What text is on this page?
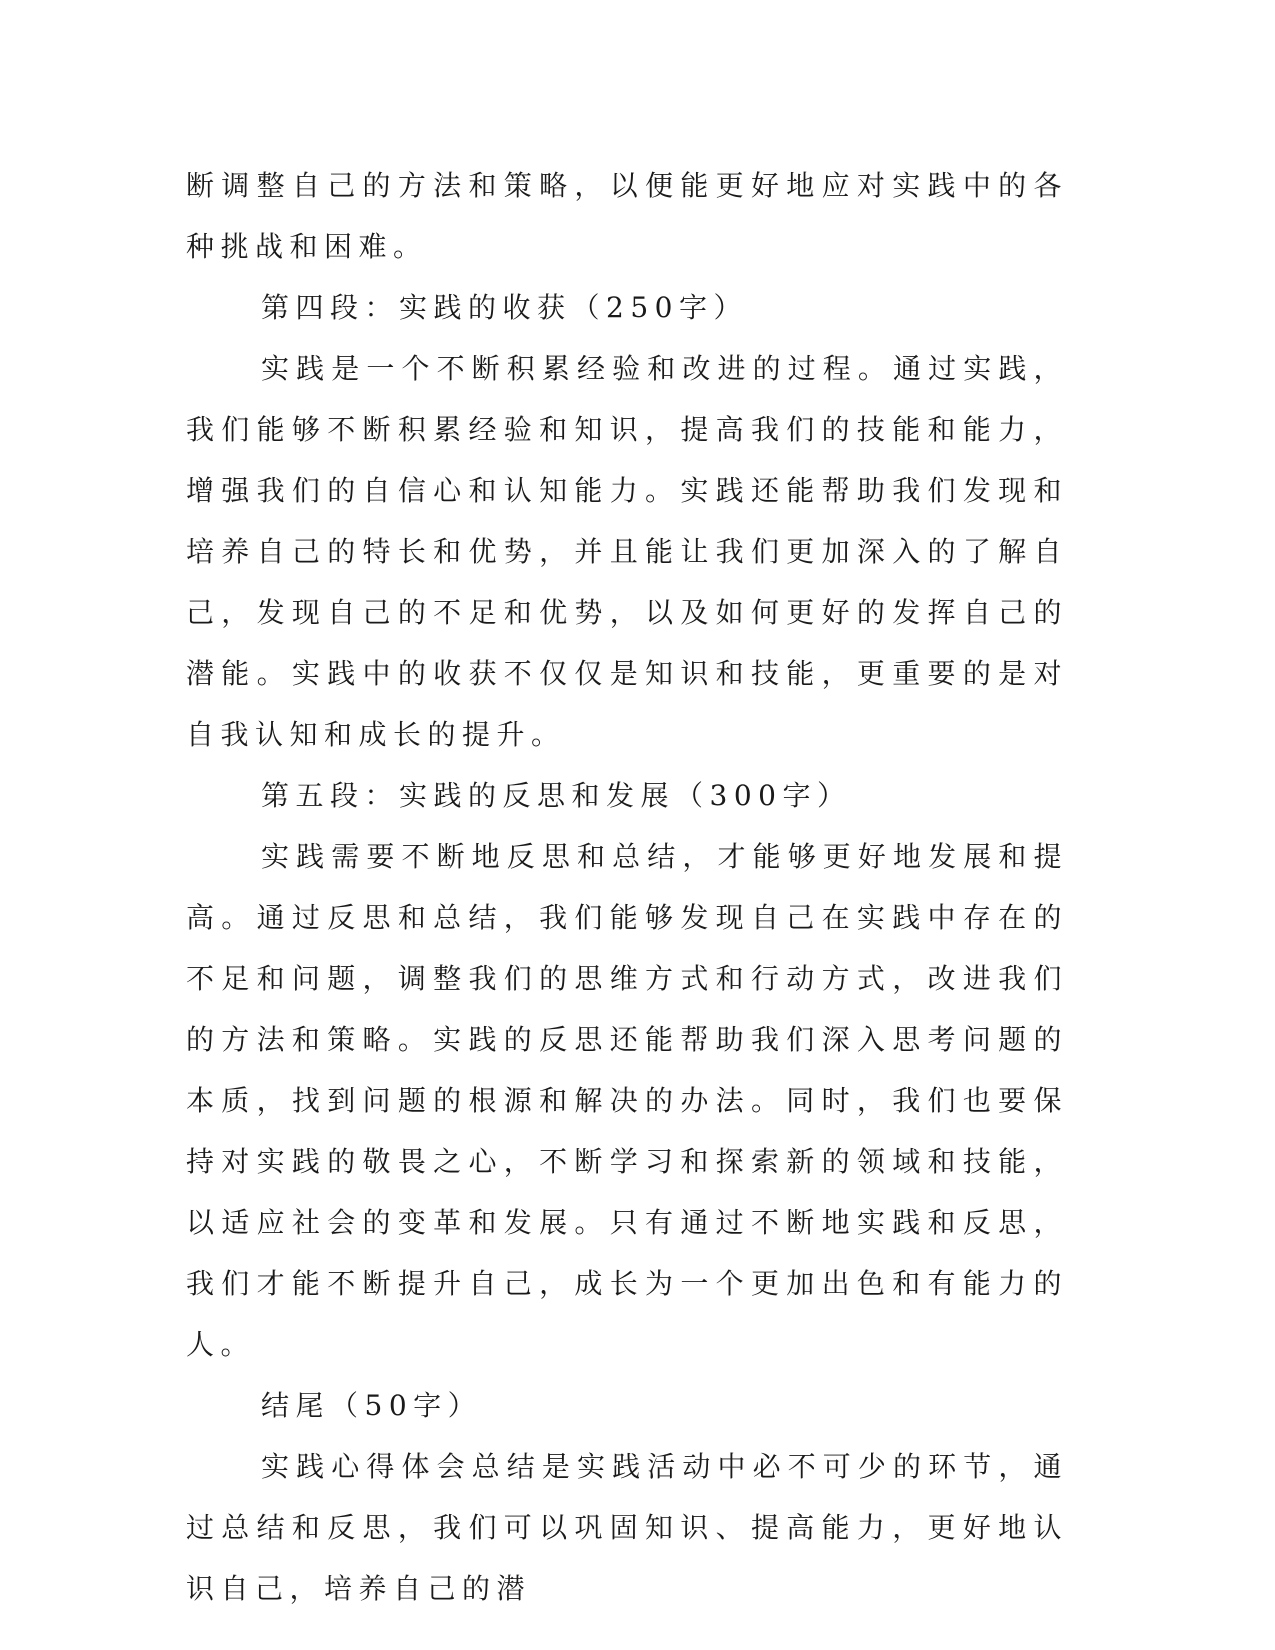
断调整自己的方法和策略，以便能更好地应对实践中的各种挑战和困难。

第四段：实践的收获（250字）

实践是一个不断积累经验和改进的过程。通过实践，我们能够不断积累经验和知识，提高我们的技能和能力，增强我们的自信心和认知能力。实践还能帮助我们发现和培养自己的特长和优势，并且能让我们更加深入的了解自己，发现自己的不足和优势，以及如何更好的发挥自己的潜能。实践中的收获不仅仅是知识和技能，更重要的是对自我认知和成长的提升。

第五段：实践的反思和发展（300字）

实践需要不断地反思和总结，才能够更好地发展和提高。通过反思和总结，我们能够发现自己在实践中存在的不足和问题，调整我们的思维方式和行动方式，改进我们的方法和策略。实践的反思还能帮助我们深入思考问题的本质，找到问题的根源和解决的办法。同时，我们也要保持对实践的敬畏之心，不断学习和探索新的领域和技能，以适应社会的变革和发展。只有通过不断地实践和反思，我们才能不断提升自己，成长为一个更加出色和有能力的人。

结尾（50字）

实践心得体会总结是实践活动中必不可少的环节，通过总结和反思，我们可以巩固知识、提高能力，更好地认识自己，培养自己的潜
